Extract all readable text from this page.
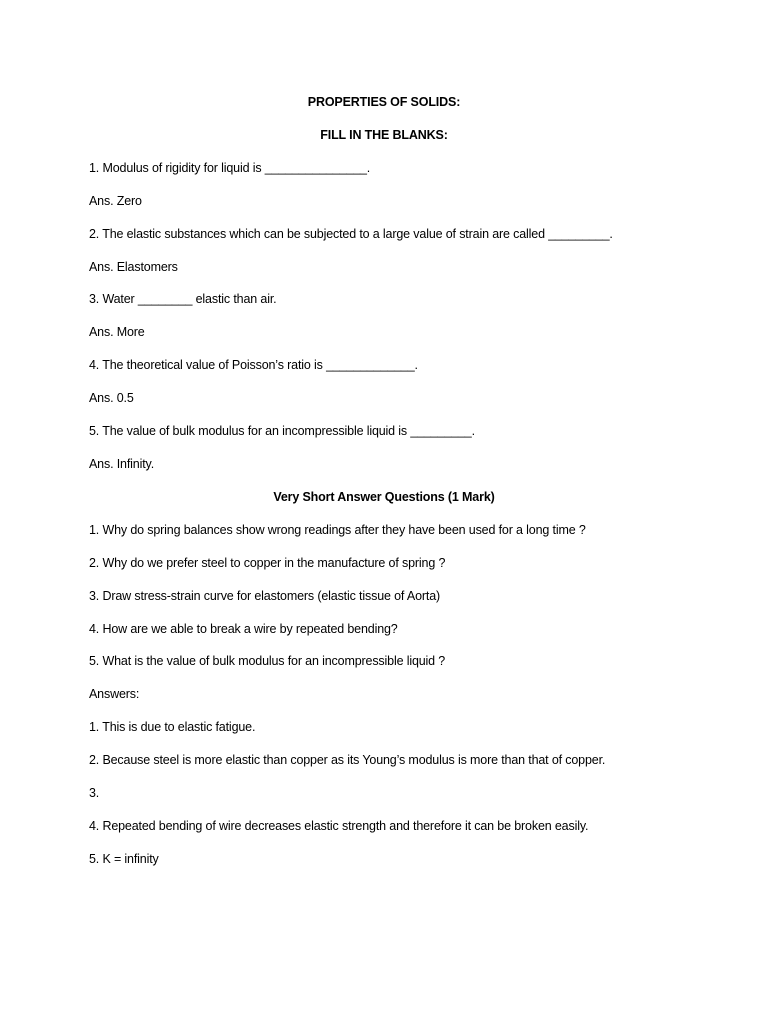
PROPERTIES OF SOLIDS:
FILL IN THE BLANKS:
1. Modulus of rigidity for liquid is _______________.
Ans. Zero
2. The elastic substances which can be subjected to a large value of strain are called _________.
Ans. Elastomers
3. Water ________ elastic than air.
Ans. More
4. The theoretical value of Poisson’s ratio is _____________.
Ans. 0.5
5. The value of bulk modulus for an incompressible liquid is _________.
Ans. Infinity.
Very Short Answer Questions (1 Mark)
1. Why do spring balances show wrong readings after they have been used for a long time ?
2. Why do we prefer steel to copper in the manufacture of spring ?
3. Draw stress-strain curve for elastomers (elastic tissue of Aorta)
4. How are we able to break a wire by repeated bending?
5. What is the value of bulk modulus for an incompressible liquid ?
Answers:
1. This is due to elastic fatigue.
2. Because steel is more elastic than copper as its Young’s modulus is more than that of copper.
3.
4. Repeated bending of wire decreases elastic strength and therefore it can be broken easily.
5. K = infinity
